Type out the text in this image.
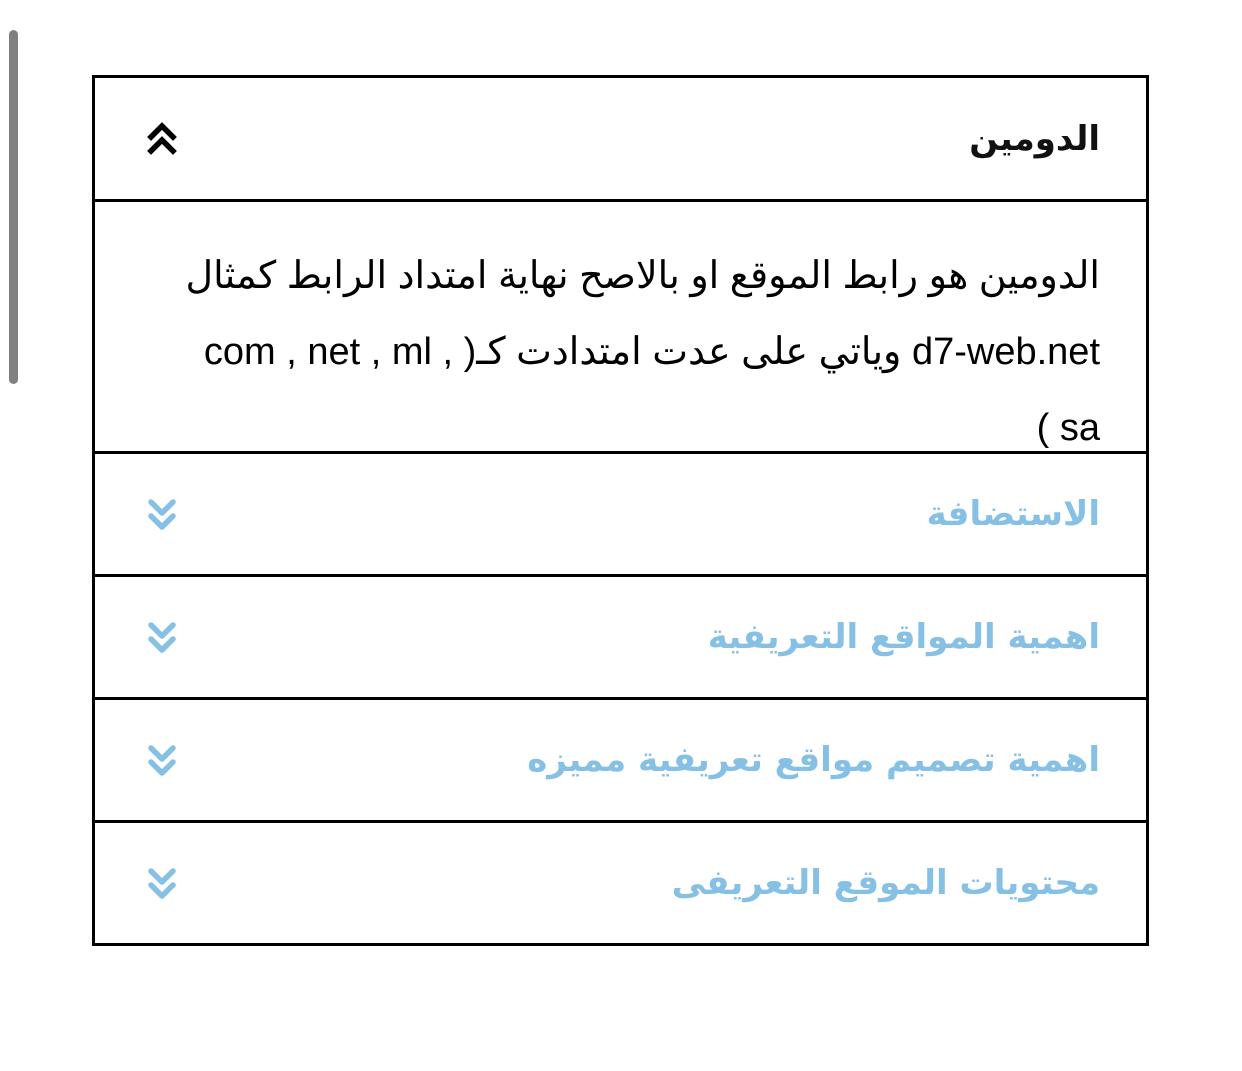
الدومين

الدومين هو رابط الموقع او بالاصح نهاية امتداد الرابط كمثال d7-web.net وياتي على عدت امتدادت كـ( com , net , ml , sa )

الاستضافة
اهمية المواقع التعريفية
اهمية تصميم مواقع تعريفية مميزه
محتويات الموقع التعريفى
